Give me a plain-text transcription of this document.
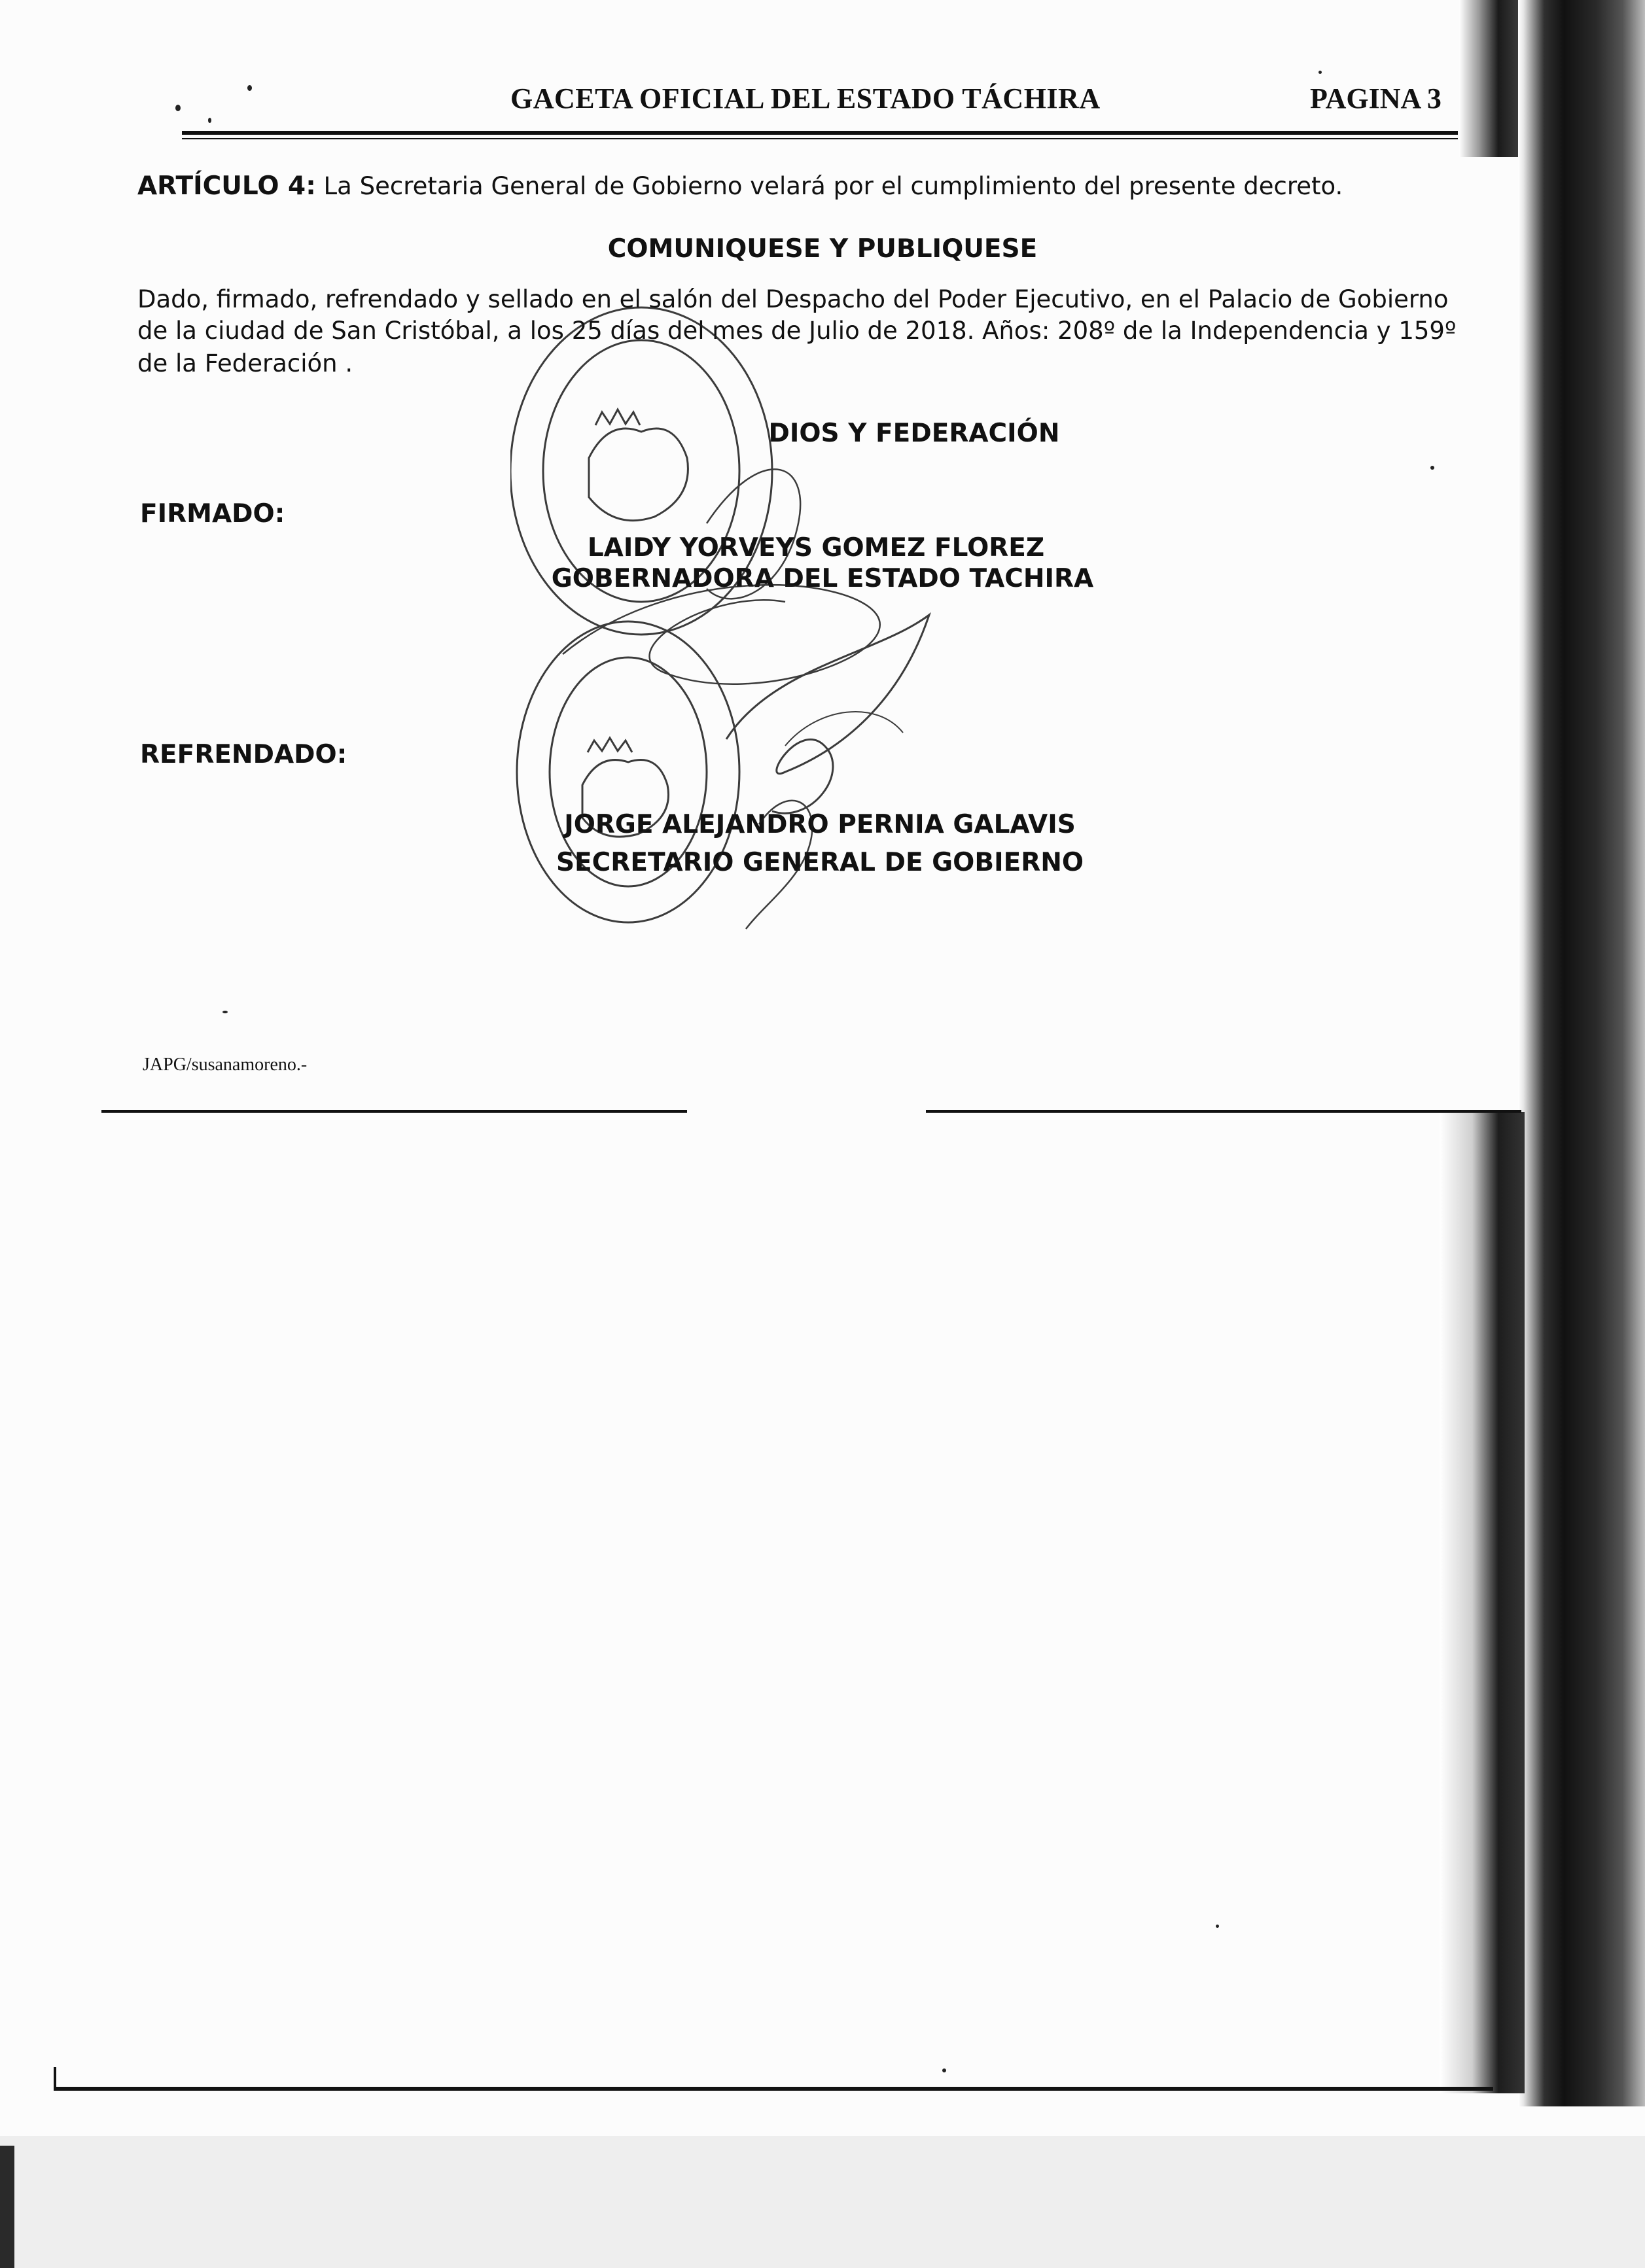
GACETA OFICIAL DEL ESTADO TÁCHIRA	PAGINA 3
ARTÍCULO 4: La Secretaria General de Gobierno velará por el cumplimiento del presente decreto.
COMUNIQUESE Y PUBLIQUESE
Dado, firmado, refrendado y sellado en el salón del Despacho del Poder Ejecutivo, en el Palacio de Gobierno
de la ciudad de San Cristóbal, a los 25 días del mes de Julio de 2018. Años: 208º de la Independencia y 159º
de la Federación .
DIOS Y FEDERACIÓN
FIRMADO:
LAIDY YORVEYS GOMEZ FLOREZ
GOBERNADORA DEL ESTADO TACHIRA
REFRENDADO:
JORGE ALEJANDRO PERNIA GALAVIS
SECRETARIO GENERAL DE GOBIERNO
JAPG/susanamoreno.-
